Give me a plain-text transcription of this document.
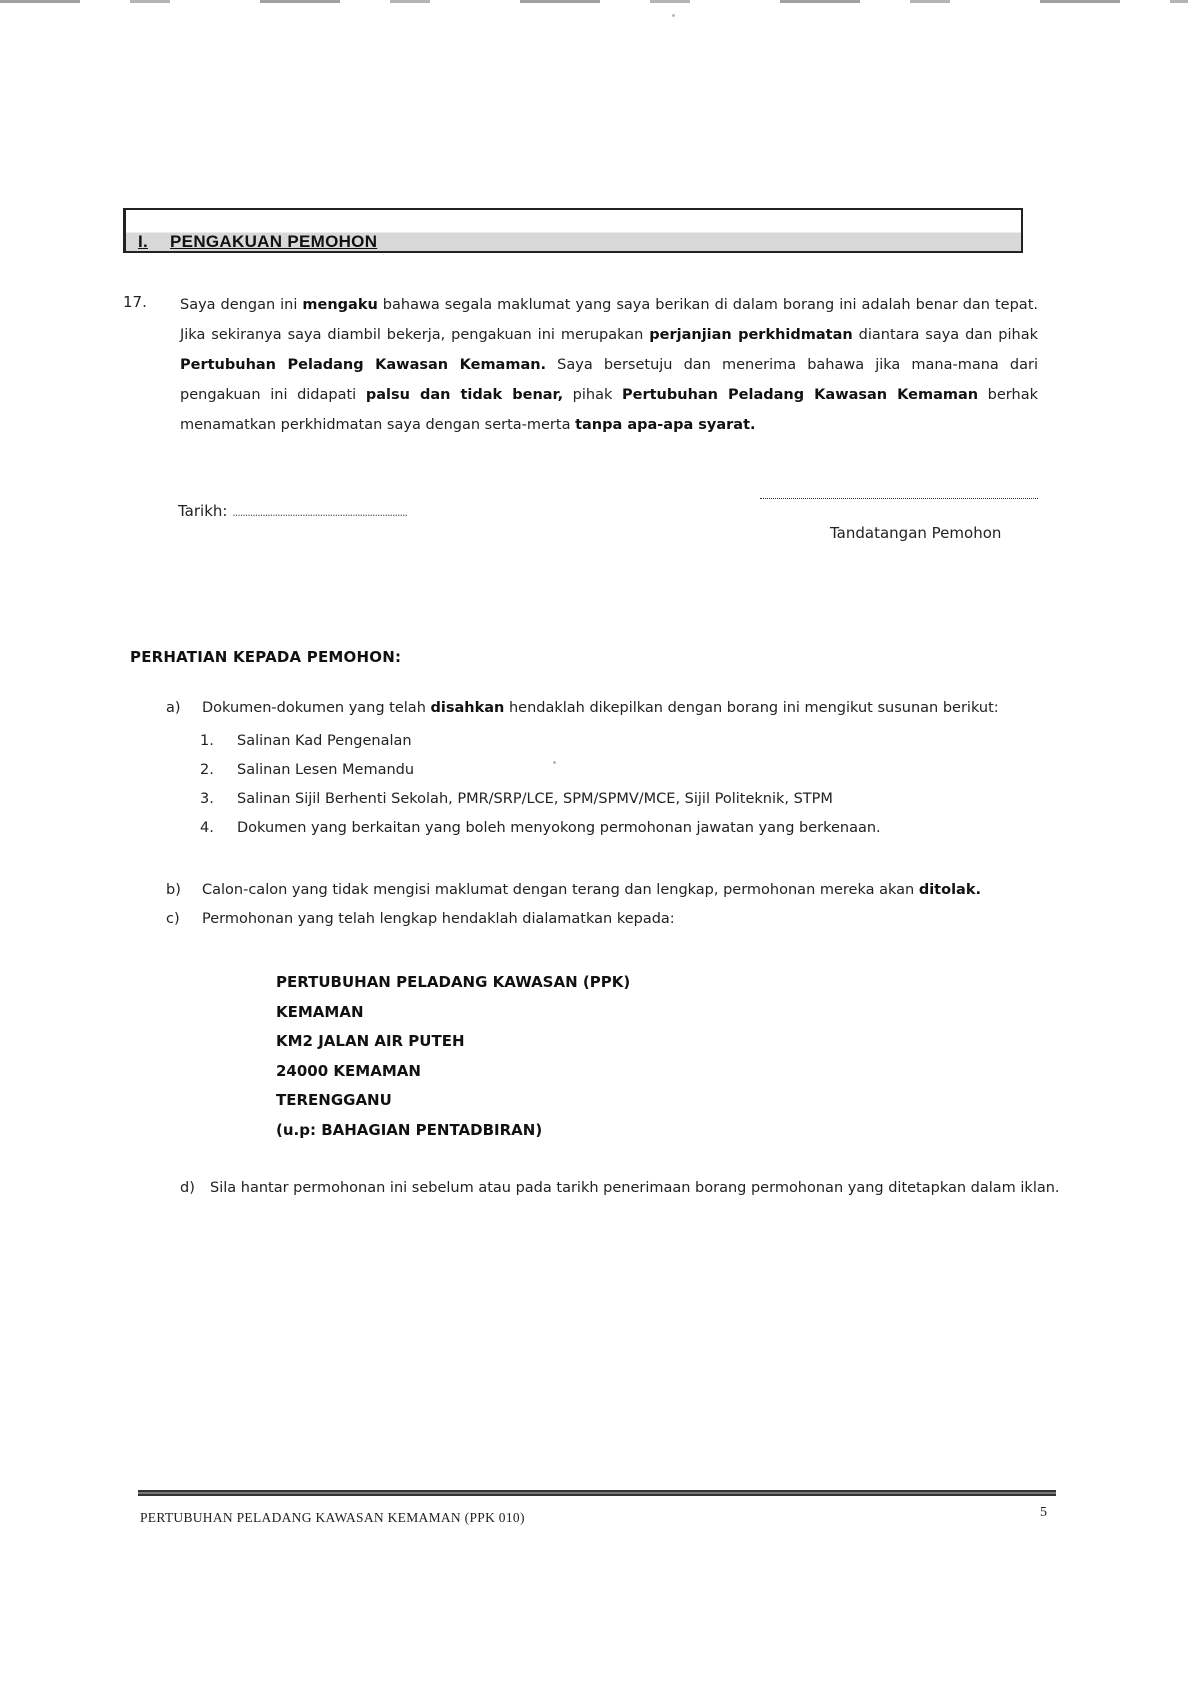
I. PENGAKUAN PEMOHON
17. Saya dengan ini mengaku bahawa segala maklumat yang saya berikan di dalam borang ini adalah benar dan tepat. Jika sekiranya saya diambil bekerja, pengakuan ini merupakan perjanjian perkhidmatan diantara saya dan pihak Pertubuhan Peladang Kawasan Kemaman. Saya bersetuju dan menerima bahawa jika mana-mana dari pengakuan ini didapati palsu dan tidak benar, pihak Pertubuhan Peladang Kawasan Kemaman berhak menamatkan perkhidmatan saya dengan serta-merta tanpa apa-apa syarat.
Tarikh: ......................................................................
Tandatangan Pemohon
PERHATIAN KEPADA PEMOHON:
a) Dokumen-dokumen yang telah disahkan hendaklah dikepilkan dengan borang ini mengikut susunan berikut:
1. Salinan Kad Pengenalan
2. Salinan Lesen Memandu
3. Salinan Sijil Berhenti Sekolah, PMR/SRP/LCE, SPM/SPMV/MCE, Sijil Politeknik, STPM
4. Dokumen yang berkaitan yang boleh menyokong permohonan jawatan yang berkenaan.
b) Calon-calon yang tidak mengisi maklumat dengan terang dan lengkap, permohonan mereka akan ditolak.
c) Permohonan yang telah lengkap hendaklah dialamatkan kepada:
PERTUBUHAN PELADANG KAWASAN (PPK)
KEMAMAN
KM2 JALAN AIR PUTEH
24000 KEMAMAN
TERENGGANU
(u.p: BAHAGIAN PENTADBIRAN)
d) Sila hantar permohonan ini sebelum atau pada tarikh penerimaan borang permohonan yang ditetapkan dalam iklan.
PERTUBUHAN PELADANG KAWASAN KEMAMAN (PPK 010)	5
